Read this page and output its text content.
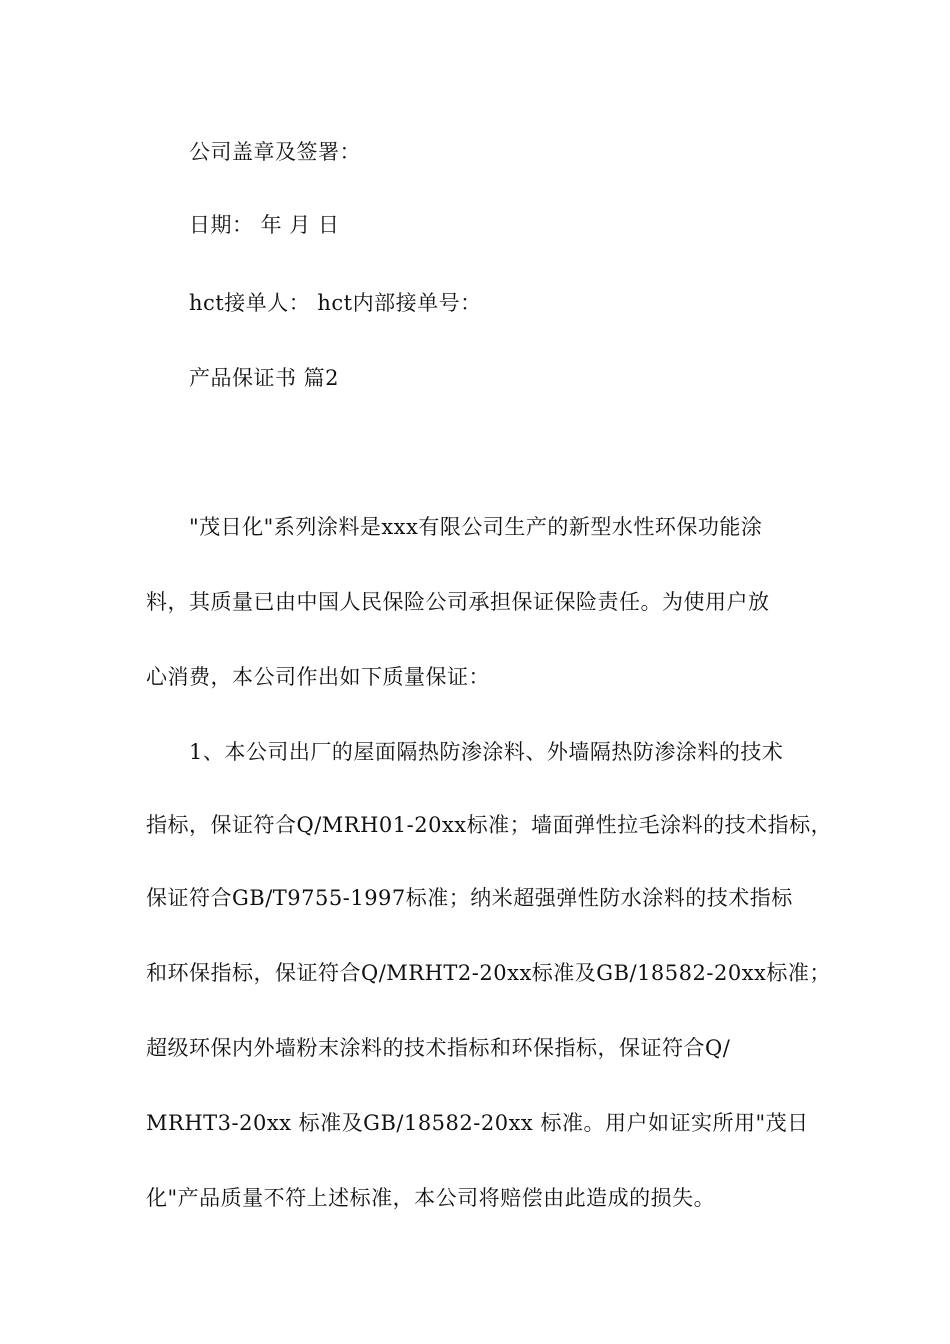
公司盖章及签署：
日期： 年 月 日
hct接单人： hct内部接单号：
产品保证书 篇2
"茂日化"系列涂料是xxx有限公司生产的新型水性环保功能涂
料，其质量已由中国人民保险公司承担保证保险责任。为使用户放
心消费，本公司作出如下质量保证：
1、本公司出厂的屋面隔热防渗涂料、外墙隔热防渗涂料的技术
指标，保证符合Q/MRH01-20xx标准；墙面弹性拉毛涂料的技术指标，
保证符合GB/T9755-1997标准；纳米超强弹性防水涂料的技术指标
和环保指标，保证符合Q/MRHT2-20xx标准及GB/18582-20xx标准；
超级环保内外墙粉末涂料的技术指标和环保指标，保证符合Q/
MRHT3-20xx 标准及GB/18582-20xx 标准。用户如证实所用"茂日
化"产品质量不符上述标准，本公司将赔偿由此造成的损失。
